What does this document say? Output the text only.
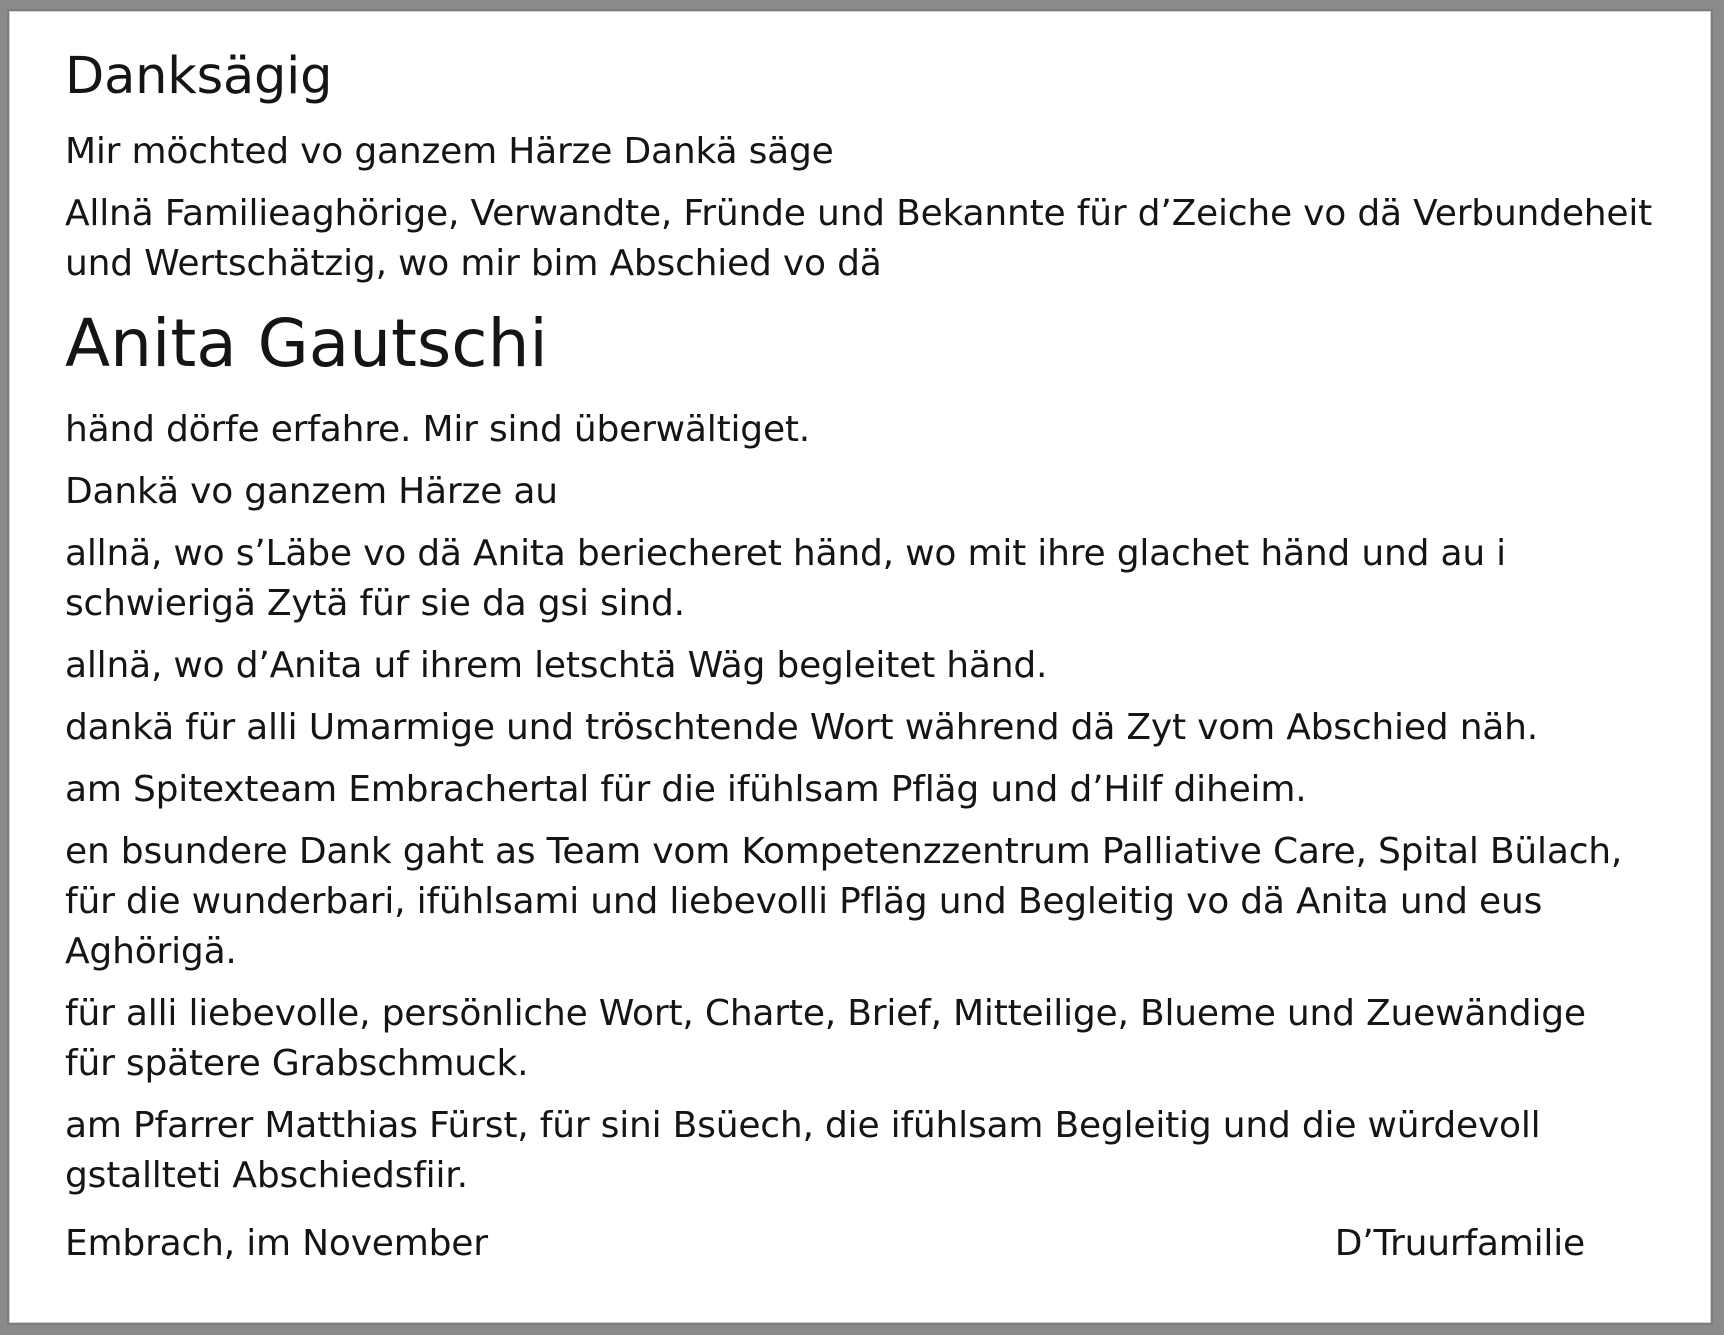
Danksägig
Mir möchted vo ganzem Härze Dankä säge
Allnä Familieaghörige, Verwandte, Fründe und Bekannte für d’Zeiche vo dä Verbundeheit
und Wertschätzig, wo mir bim Abschied vo dä
Anita Gautschi
händ dörfe erfahre. Mir sind überwältiget.
Dankä vo ganzem Härze au
allnä, wo s’Läbe vo dä Anita beriecheret händ, wo mit ihre glachet händ und au i
schwierigä Zytä für sie da gsi sind.
allnä, wo d’Anita uf ihrem letschtä Wäg begleitet händ.
dankä für alli Umarmige und tröschtende Wort während dä Zyt vom Abschied näh.
am Spitexteam Embrachertal für die ifühlsam Pfläg und d’Hilf diheim.
en bsundere Dank gaht as Team vom Kompetenzzentrum Palliative Care, Spital Bülach,
für die wunderbari, ifühlsami und liebevolli Pfläg und Begleitig vo dä Anita und eus
Aghörigä.
für alli liebevolle, persönliche Wort, Charte, Brief, Mitteilige, Blueme und Zuewändige
für spätere Grabschmuck.
am Pfarrer Matthias Fürst, für sini Bsüech, die ifühlsam Begleitig und die würdevoll
gstallteti Abschiedsfiir.
Embrach, im November	D’Truurfamilie
